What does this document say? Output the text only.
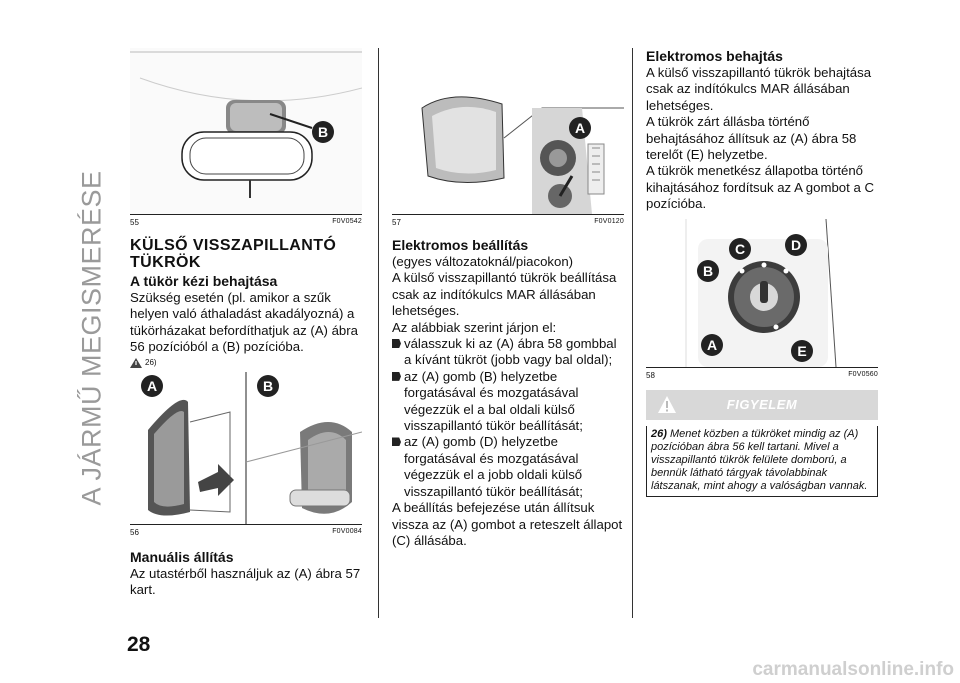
A JÁRMŰ MEGISMERÉSE
28
B
55	F0V0542
KÜLSŐ VISSZAPILLANTÓ TÜKRÖK
A tükör kézi behajtása

Szükség esetén (pl. amikor a szűk helyen való áthaladást akadályozná) a tükörházakat befordíthatjuk az (A) ábra 56 pozícióból a (B) pozícióba.

26)
A	B
56	F0V0084
Manuális állítás

Az utastérből használjuk az (A) ábra 57 kart.

A
57	F0V0120
Elektromos beállítás

(egyes változatoknál/piacokon)

A külső visszapillantó tükrök beállítása csak az indítókulcs MAR állásában lehetséges.

Az alábbiak szerint járjon el:

válasszuk ki az (A) ábra 58 gombbal a kívánt tükröt (jobb vagy bal oldal);

az (A) gomb (B) helyzetbe forgatásával és mozgatásával végezzük el a bal oldali külső visszapillantó tükör beállítását;

az (A) gomb (D) helyzetbe forgatásával és mozgatásával végezzük el a jobb oldali külső visszapillantó tükör beállítását;

A beállítás befejezése után állítsuk vissza az (A) gombot a reteszelt állapot (C) állásába.

Elektromos behajtás

A külső visszapillantó tükrök behajtása csak az indítókulcs MAR állásában lehetséges.

A tükrök zárt állásba történő behajtásához állítsuk az (A) ábra 58 terelőt (E) helyzetbe.

A tükrök menetkész állapotba történő kihajtásához fordítsuk az A gombot a C pozícióba.

C	D
B
A	E
58	F0V0560
FIGYELEM
26) Menet közben a tükröket mindig az (A) pozícióban ábra 56 kell tartani. Mivel a visszapillantó tükrök felülete domború, a bennük látható tárgyak távolabbinak látszanak, mint ahogy a valóságban vannak.
carmanualsonline.info
